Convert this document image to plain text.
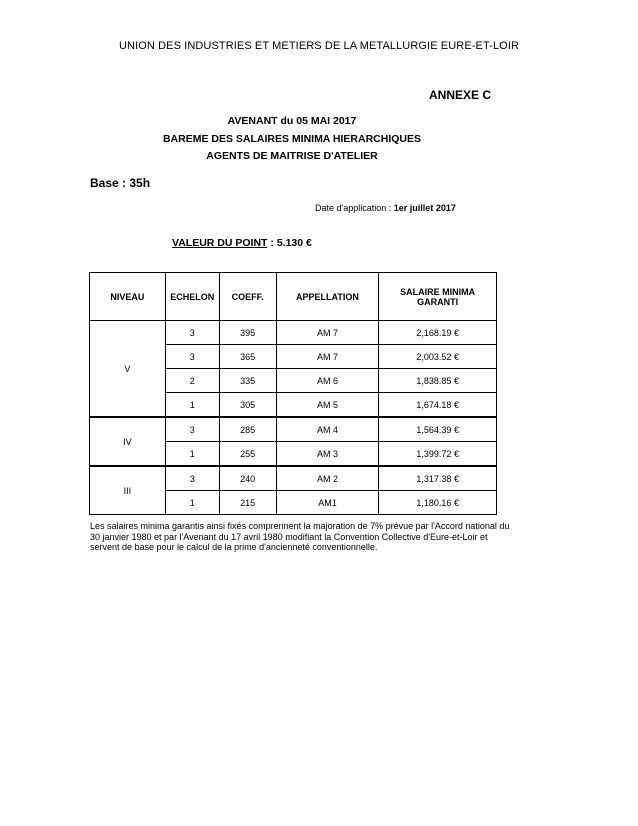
UNION DES INDUSTRIES ET METIERS DE LA METALLURGIE EURE-ET-LOIR
ANNEXE C
AVENANT du 05 MAI 2017
BAREME DES SALAIRES MINIMA HIERARCHIQUES
AGENTS DE MAITRISE D'ATELIER
Base : 35h
Date d'application : 1er juillet 2017
VALEUR DU POINT : 5.130 €
NIVEAU	ECHELON	COEFF.	APPELLATION	SALAIRE MINIMA
GARANTI

V	3	395	AM 7	2,168.19 €
	3	365	AM 7	2,003.52 €
	2	335	AM 6	1,838.85 €
	1	305	AM 5	1,674.18 €
IV	3	285	AM 4	1,564.39 €
	1	255	AM 3	1,399.72 €
III	3	240	AM 2	1,317.38 €
	1	215	AM1	1,180.16 €
Les salaires minima garantis ainsi fixés comprennent la majoration de 7% prévue par l'Accord national du 30 janvier 1980 et par l'Avenant du 17 avril 1980 modifiant la Convention Collective d'Eure-et-Loir et servent de base pour le calcul de la prime d'ancienneté conventionnelle.
